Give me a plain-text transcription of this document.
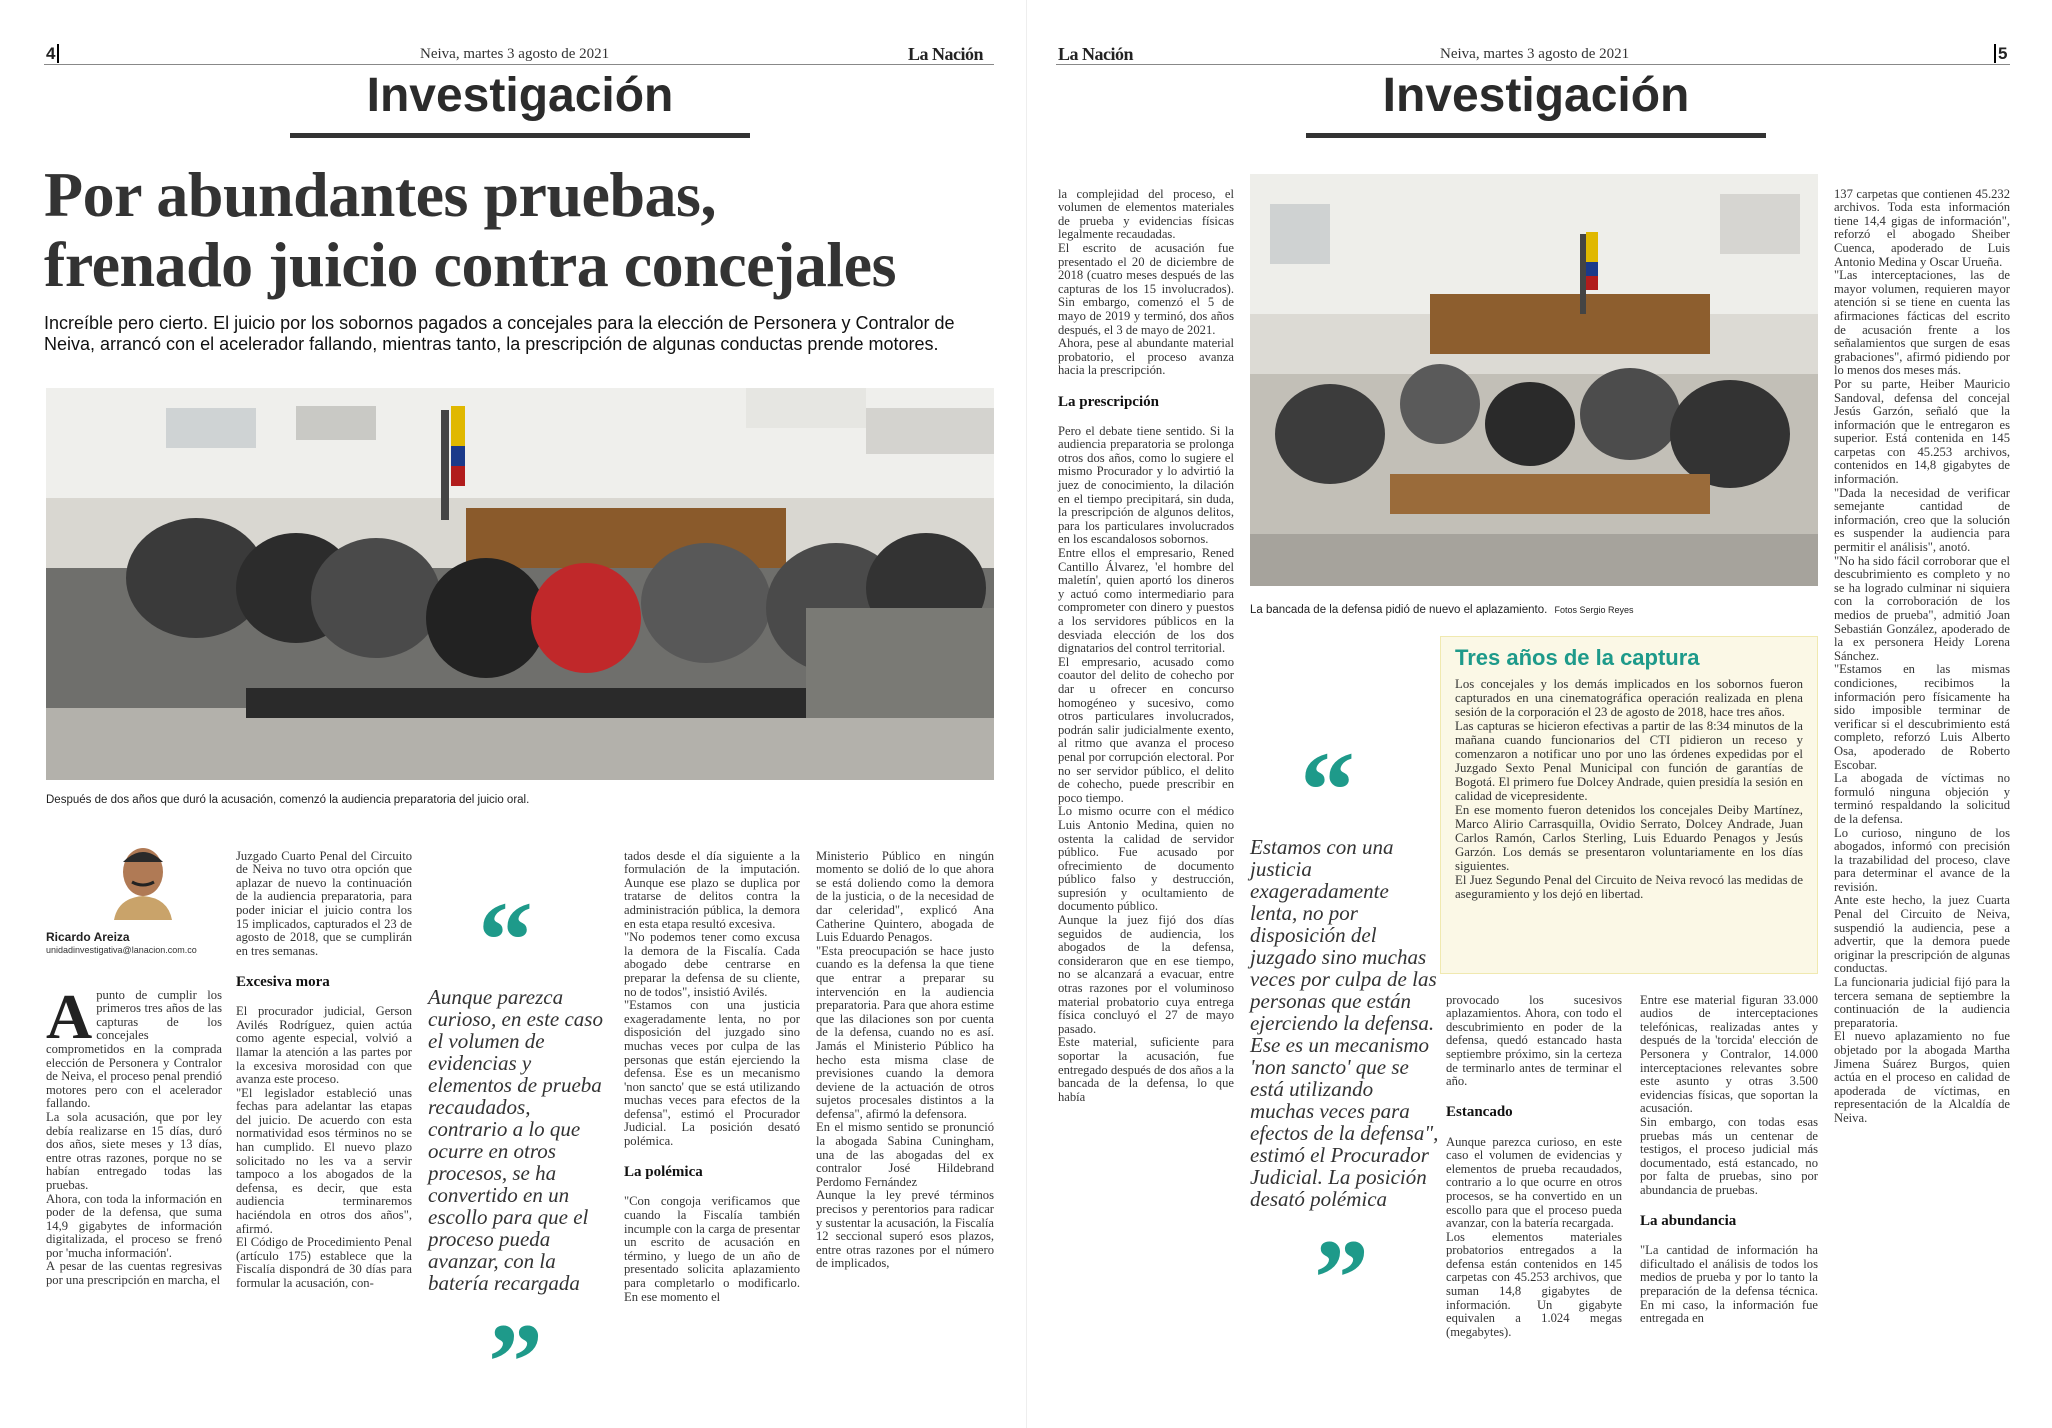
4	Neiva, martes 3 agosto de 2021	La Nación
Investigación
Por abundantes pruebas,
frenado juicio contra concejales
Increíble pero cierto. El juicio por los sobornos pagados a concejales para la elección de Personera y Contralor de Neiva, arrancó con el acelerador fallando, mientras tanto, la prescripción de algunas conductas prende motores.
Después de dos años que duró la acusación, comenzó la audiencia preparatoria del juicio oral.
Ricardo Areiza
unidadinvestigativa@lanacion.com.co

Apunto de cumplir los primeros tres años de las capturas de los concejales comprometidos en la comprada elección de Personera y Contralor de Neiva, el proceso penal prendió motores pero con el acelerador fallando.
La sola acusación, que por ley debía realizarse en 15 días, duró dos años, siete meses y 13 días, entre otras razones, porque no se habían entregado todas las pruebas.
Ahora, con toda la información en poder de la defensa, que suma 14,9 gigabytes de información digitalizada, el proceso se frenó por 'mucha información'.
A pesar de las cuentas regresivas por una prescripción en marcha, el

Juzgado Cuarto Penal del Circuito de Neiva no tuvo otra opción que aplazar de nuevo la continuación de la audiencia preparatoria, para poder iniciar el juicio contra los 15 implicados, capturados el 23 de agosto de 2018, que se cumplirán en tres semanas.

Excesiva mora

El procurador judicial, Gerson Avilés Rodríguez, quien actúa como agente especial, volvió a llamar la atención a las partes por la excesiva morosidad con que avanza este proceso.
"El legislador estableció unas fechas para adelantar las etapas del juicio. De acuerdo con esta normatividad esos términos no se han cumplido. El nuevo plazo solicitado no les va a servir tampoco a los abogados de la defensa, es decir, que esta audiencia terminaremos haciéndola en otros dos años", afirmó.
El Código de Procedimiento Penal (artículo 175) establece que la Fiscalía dispondrá de 30 días para formular la acusación, con-

“
Aunque parezca curioso, en este caso el volumen de evidencias y elementos de prueba recaudados, contrario a lo que ocurre en otros procesos, se ha convertido en un escollo para que el proceso pueda avanzar, con la batería recargada
”

tados desde el día siguiente a la formulación de la imputación. Aunque ese plazo se duplica por tratarse de delitos contra la administración pública, la demora en esta etapa resultó excesiva.
"No podemos tener como excusa la demora de la Fiscalía. Cada abogado debe centrarse en preparar la defensa de su cliente, no de todos", insistió Avilés.
"Estamos con una justicia exageradamente lenta, no por disposición del juzgado sino muchas veces por culpa de las personas que están ejerciendo la defensa. Ese es un mecanismo 'non sancto' que se está utilizando muchas veces para efectos de la defensa", estimó el Procurador Judicial. La posición desató polémica.

La polémica

"Con congoja verificamos que cuando la Fiscalía también incumple con la carga de presentar un escrito de acusación en término, y luego de un año de presentado solicita aplazamiento para completarlo o modificarlo. En ese momento el

Ministerio Público en ningún momento se dolió de lo que ahora se está doliendo como la demora de la justicia, o de la necesidad de dar celeridad", explicó Ana Catherine Quintero, abogada de Luis Eduardo Penagos.
"Esta preocupación se hace justo cuando es la defensa la que tiene que entrar a preparar su intervención en la audiencia preparatoria. Para que ahora estime que las dilaciones son por cuenta de la defensa, cuando no es así. Jamás el Ministerio Público ha hecho esta misma clase de previsiones cuando la demora deviene de la actuación de otros sujetos procesales distintos a la defensa", afirmó la defensora.
En el mismo sentido se pronunció la abogada Sabina Cuningham, una de las abogadas del ex contralor José Hildebrand Perdomo Fernández
Aunque la ley prevé términos precisos y perentorios para radicar y sustentar la acusación, la Fiscalía 12 seccional superó esos plazos, entre otras razones por el número de implicados,

La Nación	Neiva, martes 3 agosto de 2021	5
Investigación

la complejidad del proceso, el volumen de elementos materiales de prueba y evidencias físicas legalmente recaudadas.
El escrito de acusación fue presentado el 20 de diciembre de 2018 (cuatro meses después de las capturas de los 15 involucrados). Sin embargo, comenzó el 5 de mayo de 2019 y terminó, dos años después, el 3 de mayo de 2021.
Ahora, pese al abundante material probatorio, el proceso avanza hacia la prescripción.

La prescripción

Pero el debate tiene sentido. Si la audiencia preparatoria se prolonga otros dos años, como lo sugiere el mismo Procurador y lo advirtió la juez de conocimiento, la dilación en el tiempo precipitará, sin duda, la prescripción de algunos delitos, para los particulares involucrados en los escandalosos sobornos.
Entre ellos el empresario, Rened Cantillo Álvarez, 'el hombre del maletín', quien aportó los dineros y actuó como intermediario para comprometer con dinero y puestos a los servidores públicos en la desviada elección de los dos dignatarios del control territorial.
El empresario, acusado como coautor del delito de cohecho por dar u ofrecer en concurso homogéneo y sucesivo, como otros particulares involucrados, podrán salir judicialmente exento, al ritmo que avanza el proceso penal por corrupción electoral. Por no ser servidor público, el delito de cohecho, puede prescribir en poco tiempo.
Lo mismo ocurre con el médico Luis Antonio Medina, quien no ostenta la calidad de servidor público. Fue acusado por ofrecimiento de documento público falso y destrucción, supresión y ocultamiento de documento público.
Aunque la juez fijó dos días seguidos de audiencia, los abogados de la defensa, consideraron que en ese tiempo, no se alcanzará a evacuar, entre otras razones por el voluminoso material probatorio cuya entrega física concluyó el 27 de mayo pasado.
Este material, suficiente para soportar la acusación, fue entregado después de dos años a la bancada de la defensa, lo que había

La bancada de la defensa pidió de nuevo el aplazamiento. Fotos Sergio Reyes
“
Estamos con una justicia exageradamente lenta, no por disposición del juzgado sino muchas veces por culpa de las personas que están ejerciendo la defensa. Ese es un mecanismo 'non sancto' que se está utilizando muchas veces para efectos de la defensa", estimó el Procurador Judicial. La posición desató polémica
”
Tres años de la captura
Los concejales y los demás implicados en los sobornos fueron capturados en una cinematográfica operación realizada en plena sesión de la corporación el 23 de agosto de 2018, hace tres años.
Las capturas se hicieron efectivas a partir de las 8:34 minutos de la mañana cuando funcionarios del CTI pidieron un receso y comenzaron a notificar uno por uno las órdenes expedidas por el Juzgado Sexto Penal Municipal con función de garantías de Bogotá. El primero fue Dolcey Andrade, quien presidía la sesión en calidad de vicepresidente.
En ese momento fueron detenidos los concejales Deiby Martínez, Marco Alirio Carrasquilla, Ovidio Serrato, Dolcey Andrade, Juan Carlos Ramón, Carlos Sterling, Luis Eduardo Penagos y Jesús Garzón. Los demás se presentaron voluntariamente en los días siguientes.
El Juez Segundo Penal del Circuito de Neiva revocó las medidas de aseguramiento y los dejó en libertad.

provocado los sucesivos aplazamientos. Ahora, con todo el descubrimiento en poder de la defensa, quedó estancado hasta septiembre próximo, sin la certeza de terminarlo antes de terminar el año.

Estancado

Aunque parezca curioso, en este caso el volumen de evidencias y elementos de prueba recaudados, contrario a lo que ocurre en otros procesos, se ha convertido en un escollo para que el proceso pueda avanzar, con la batería recargada.
Los elementos materiales probatorios entregados a la defensa están contenidos en 145 carpetas con 45.253 archivos, que suman 14,8 gigabytes de información. Un gigabyte equivalen a 1.024 megas (megabytes).

Entre ese material figuran 33.000 audios de interceptaciones telefónicas, realizadas antes y después de la 'torcida' elección de Personera y Contralor, 14.000 interceptaciones relevantes sobre este asunto y otras 3.500 evidencias físicas, que soportan la acusación.
Sin embargo, con todas esas pruebas más un centenar de testigos, el proceso judicial más documentado, está estancado, no por falta de pruebas, sino por abundancia de pruebas.

La abundancia

"La cantidad de información ha dificultado el análisis de todos los medios de prueba y por lo tanto la preparación de la defensa técnica. En mi caso, la información fue entregada en

137 carpetas que contienen 45.232 archivos. Toda esta información tiene 14,4 gigas de información", reforzó el abogado Sheiber Cuenca, apoderado de Luis Antonio Medina y Oscar Urueña.
"Las interceptaciones, las de mayor volumen, requieren mayor atención si se tiene en cuenta las afirmaciones fácticas del escrito de acusación frente a los señalamientos que surgen de esas grabaciones", afirmó pidiendo por lo menos dos meses más.
Por su parte, Heiber Mauricio Sandoval, defensa del concejal Jesús Garzón, señaló que la información que le entregaron es superior. Está contenida en 145 carpetas con 45.253 archivos, contenidos en 14,8 gigabytes de información.
"Dada la necesidad de verificar semejante cantidad de información, creo que la solución es suspender la audiencia para permitir el análisis", anotó.
"No ha sido fácil corroborar que el descubrimiento es completo y no se ha logrado culminar ni siquiera con la corroboración de los medios de prueba", admitió Joan Sebastián González, apoderado de la ex personera Heidy Lorena Sánchez.
"Estamos en las mismas condiciones, recibimos la información pero físicamente ha sido imposible terminar de verificar si el descubrimiento está completo, reforzó Luis Alberto Osa, apoderado de Roberto Escobar.
La abogada de víctimas no formuló ninguna objeción y terminó respaldando la solicitud de la defensa.
Lo curioso, ninguno de los abogados, informó con precisión la trazabilidad del proceso, clave para determinar el avance de la revisión.
Ante este hecho, la juez Cuarta Penal del Circuito de Neiva, suspendió la audiencia, pese a advertir, que la demora puede originar la prescripción de algunas conductas.
La funcionaria judicial fijó para la tercera semana de septiembre la continuación de la audiencia preparatoria.
El nuevo aplazamiento no fue objetado por la abogada Martha Jimena Suárez Burgos, quien actúa en el proceso en calidad de apoderada de víctimas, en representación de la Alcaldía de Neiva.
